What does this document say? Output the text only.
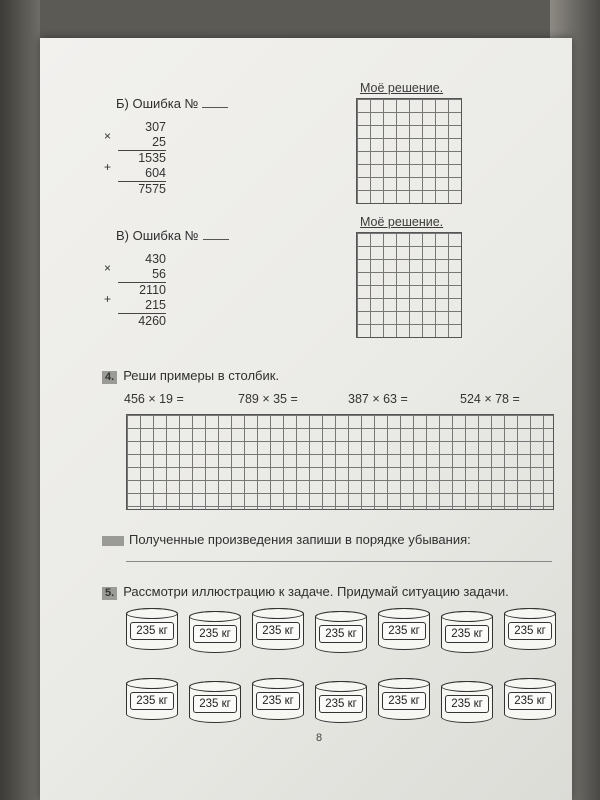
Б) Ошибка №
Моё решение.
307
×	25
1535
+	604
7575
В) Ошибка №
Моё решение.
430
×	56
2110
+	215
4260
4. Реши примеры в столбик.
456 × 19 =	789 × 35 =	387 × 63 =	524 × 78 =
Полученные произведения запиши в порядке убывания:
5. Рассмотри иллюстрацию к задаче. Придумай ситуацию задачи.
8
235 кг	235 кг	235 кг	235 кг	235 кг	235 кг	235 кг
235 кг	235 кг	235 кг	235 кг	235 кг	235 кг	235 кг
